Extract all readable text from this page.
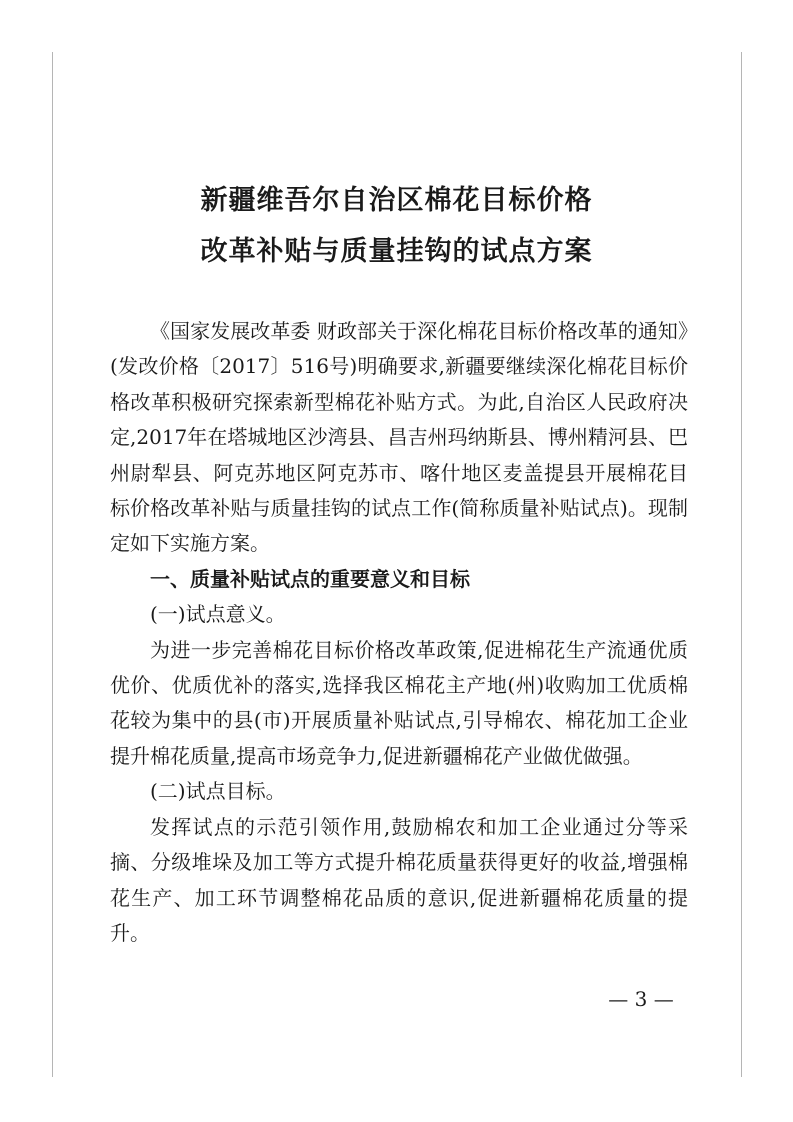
新疆维吾尔自治区棉花目标价格
改革补贴与质量挂钩的试点方案

《国家发展改革委 财政部关于深化棉花目标价格改革的通知》(发改价格〔2017〕516号)明确要求,新疆要继续深化棉花目标价格改革积极研究探索新型棉花补贴方式。为此,自治区人民政府决定,2017年在塔城地区沙湾县、昌吉州玛纳斯县、博州精河县、巴州尉犁县、阿克苏地区阿克苏市、喀什地区麦盖提县开展棉花目标价格改革补贴与质量挂钩的试点工作(简称质量补贴试点)。现制定如下实施方案。

一、质量补贴试点的重要意义和目标

(一)试点意义。

为进一步完善棉花目标价格改革政策,促进棉花生产流通优质优价、优质优补的落实,选择我区棉花主产地(州)收购加工优质棉花较为集中的县(市)开展质量补贴试点,引导棉农、棉花加工企业提升棉花质量,提高市场竞争力,促进新疆棉花产业做优做强。

(二)试点目标。

发挥试点的示范引领作用,鼓励棉农和加工企业通过分等采摘、分级堆垛及加工等方式提升棉花质量获得更好的收益,增强棉花生产、加工环节调整棉花品质的意识,促进新疆棉花质量的提升。

— 3 —
